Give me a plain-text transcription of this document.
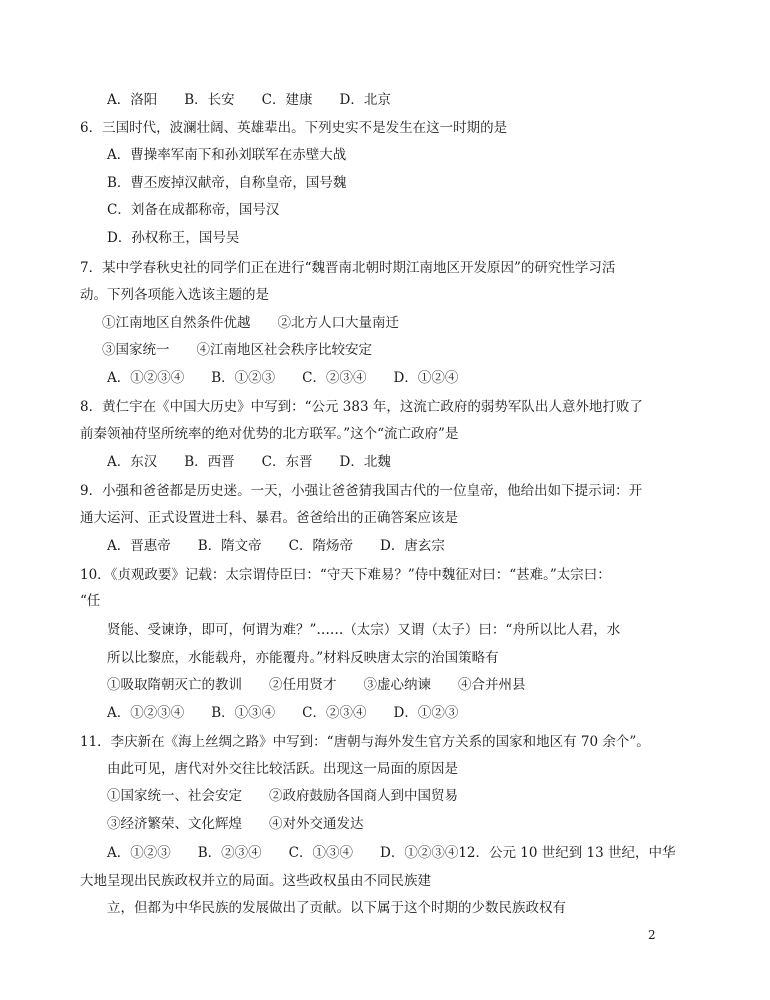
A．洛阳　　B．长安　　C．建康　　D．北京
6．三国时代，波澜壮阔、英雄辈出。下列史实不是发生在这一时期的是
A．曹操率军南下和孙刘联军在赤壁大战
B．曹丕废掉汉献帝，自称皇帝，国号魏
C．刘备在成都称帝，国号汉
D．孙权称王，国号吴
7．某中学春秋史社的同学们正在进行“魏晋南北朝时期江南地区开发原因”的研究性学习活
动。下列各项能入选该主题的是
①江南地区自然条件优越　　②北方人口大量南迁
③国家统一　　④江南地区社会秩序比较安定
A．①②③④　　B．①②③　　C．②③④　　D．①②④
8．黄仁宇在《中国大历史》中写到：“公元 383 年，这流亡政府的弱势军队出人意外地打败了
前秦领袖苻坚所统率的绝对优势的北方联军。”这个“流亡政府”是
A．东汉　　B．西晋　　C．东晋　　D．北魏
9．小强和爸爸都是历史迷。一天，小强让爸爸猜我国古代的一位皇帝，他给出如下提示词：开
通大运河、正式设置进士科、暴君。爸爸给出的正确答案应该是
A．晋惠帝　　B．隋文帝　　C．隋炀帝　　D．唐玄宗
10．《贞观政要》记载：太宗谓侍臣曰：“守天下难易？”侍中魏征对曰：“甚难。”太宗曰：
“任
贤能、受谏诤，即可，何谓为难？”……（太宗）又谓（太子）曰：“舟所以比人君，水
所以比黎庶，水能载舟，亦能覆舟。”材料反映唐太宗的治国策略有
①吸取隋朝灭亡的教训　　②任用贤才　　③虚心纳谏　　④合并州县
A．①②③④　　B．①③④　　C．②③④　　D．①②③
11．李庆新在《海上丝绸之路》中写到：“唐朝与海外发生官方关系的国家和地区有 70 余个”。
由此可见，唐代对外交往比较活跃。出现这一局面的原因是
①国家统一、社会安定　　②政府鼓励各国商人到中国贸易
③经济繁荣、文化辉煌　　④对外交通发达
A．①②③　　B．②③④　　C．①③④　　D．①②③④12．公元 10 世纪到 13 世纪，中华
大地呈现出民族政权并立的局面。这些政权虽由不同民族建
立，但都为中华民族的发展做出了贡献。以下属于这个时期的少数民族政权有
2
